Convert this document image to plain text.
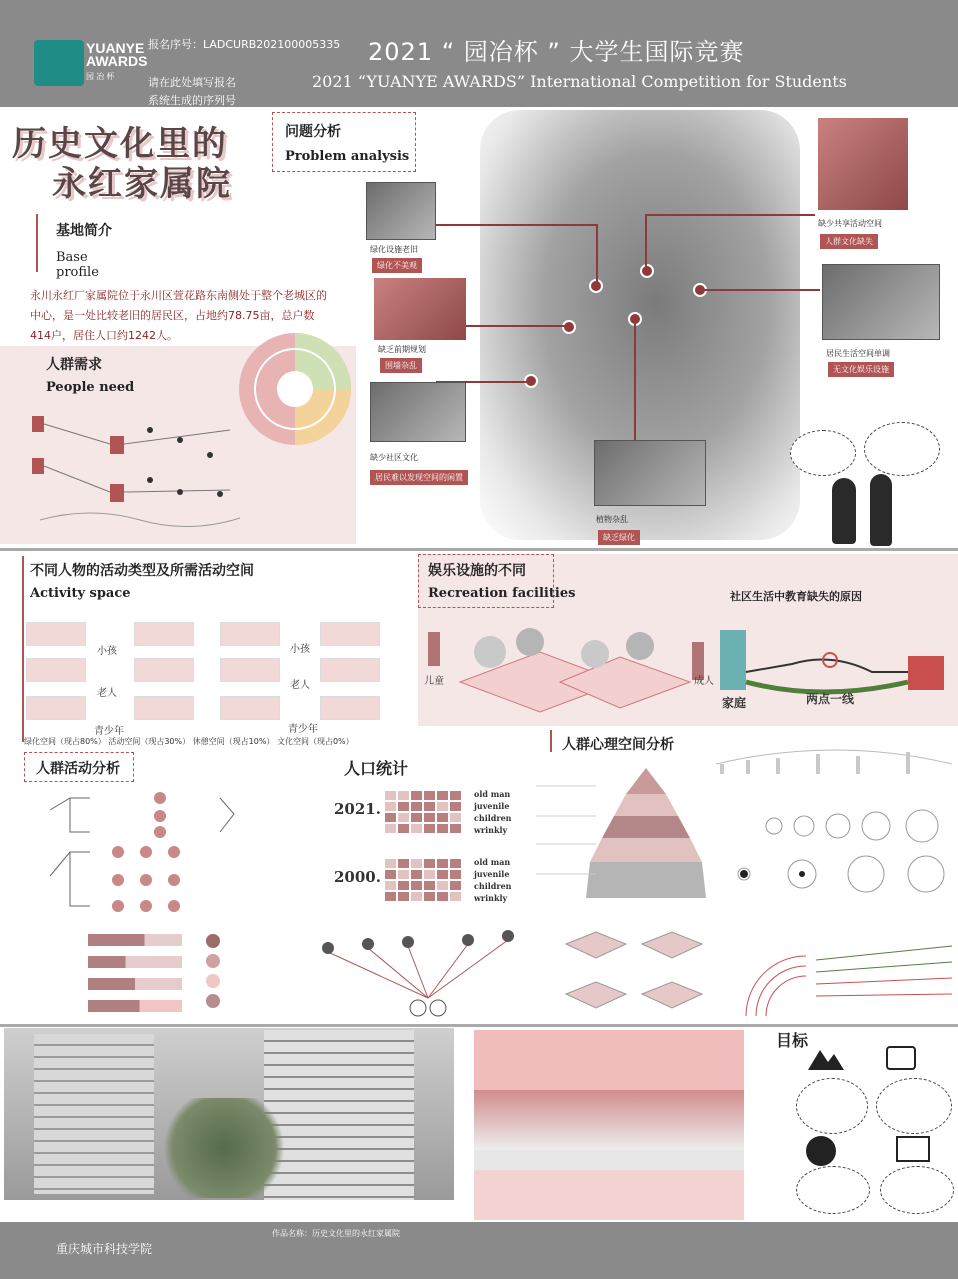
YUANYE
AWARDS
园 冶 杯
报名序号：LADCURB202100005335
请在此处填写报名
系统生成的序列号
2021 “ 园冶杯 ” 大学生国际竞赛
2021 “YUANYE AWARDS” International Competition for Students
历史文化里的
永红家属院
问题分析
Problem analysis
绿化设施老旧
绿化不美观
缺乏前期规划
围墙杂乱
缺少社区文化
居民难以发现空间的闲置
植物杂乱
缺乏绿化
缺少共享活动空间
人群文化缺失
居民生活空间单调
无文化娱乐设施
基地简介
Base profile
永川永红厂家属院位于永川区萱花路东南侧处于整个老城区的中心，是一处比较老旧的居民区，占地约78.75亩，总户数414户，居住人口约1242人。
人群需求
People need
不同人物的活动类型及所需活动空间
Activity space
小孩
老人
青少年
小孩
老人
青少年
绿化空间（现占80%） 活动空间（现占30%） 休憩空间（现占10%） 文化空间（现占0%）
娱乐设施的不同
Recreation facilities	社区生活中教育缺失的原因
儿童	成人
家庭	两点一线
人群活动分析	人口统计
2021.
2000.

old man
juvenile
children
wrinkly
old man
juvenile
children
wrinkly
人群心理空间分析
目标
重庆城市科技学院
作品名称：历史文化里的永红家属院
